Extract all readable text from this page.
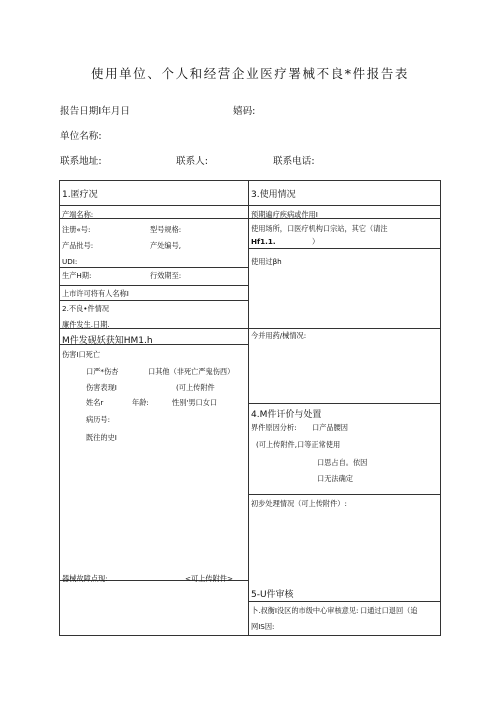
使用单位、个人和经营企业医疗署械不良*件报告表
报告日期I年月日	嬉码:
单位名称:
联系地址:	联系人:	联系电话:
1.匿疗况
产端名称:
注册«号:	型号规格:
产品批号:	产处编号,
UDI:
生产H期:	行效期至:
上市许可将有人名称I
2.不良•件情况
廉件发生.日期.
M件发砚妖获知HM1.h
伤害I口死亡
口严*伤杏	口其他（非死亡严鬼伤西）
伤害表现I	(可上传附件
姓名r	年龄:	性别'男口女口
病历号:
既往的史I
器械故障点现:	<可上传附件>
3.使用情况
预期遍疗疾病或作用I
使用场所，口医疗机构口宗站，其它（请注
Hf1.1.	）
使用过βh
今并用药/械情况:
4.M件讦价与处置
界件原因分析: 口产品腰因
(可上传附件,口等正常使用
口思占自。依因
口无法确定
初步处理情况（可上传附件）:
5-U件审核
卜.叔衡I没区的市级中心审核意见: 口通过口退回（追
网IS因:
